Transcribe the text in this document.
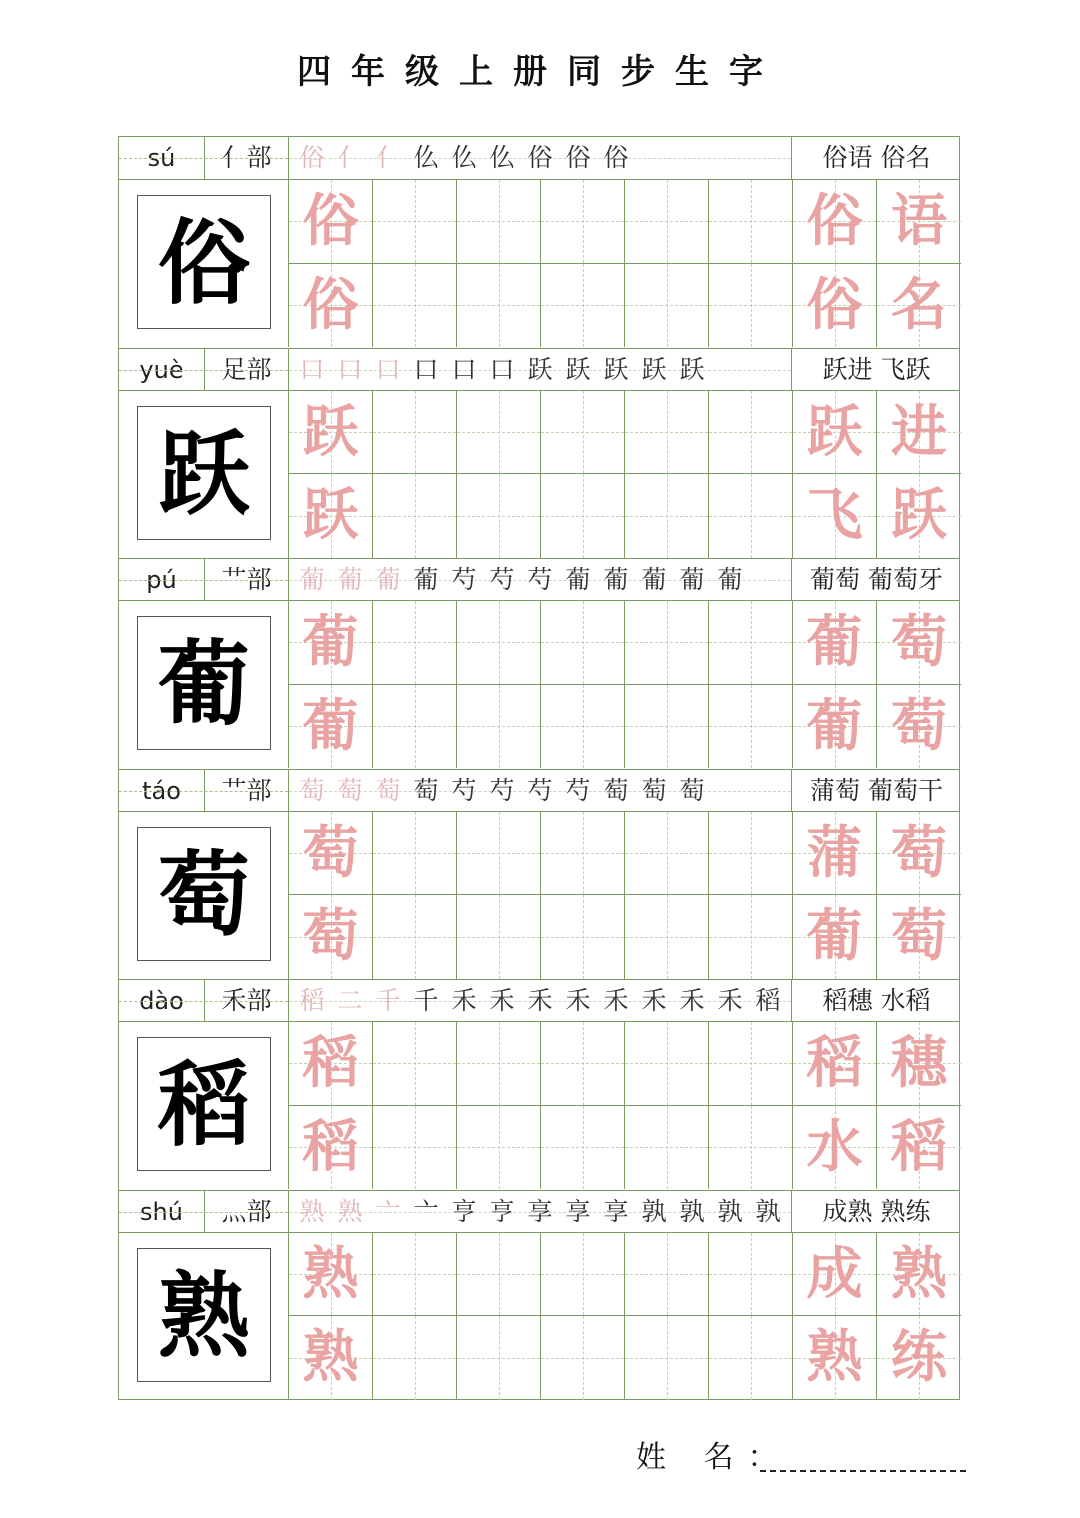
四年级上册同步生字
sú	亻部	俗 亻 亻 仫 仫 仫 俗 俗 俗	俗语 俗名
俗 俗	俗 语
俗	俗 名
yuè	足部	口 口 口 口 口 口 跃 跃 跃 跃 跃	跃进 飞跃
跃 跃	跃 进
跃	飞 跃
pú	艹部	葡 葡 葡 葡 芍 芍 芍 葡 葡 葡 葡 葡	葡萄 葡萄牙
葡 葡	葡 萄
葡	葡 萄
táo	艹部	萄 萄 萄 萄 芍 芍 芍 芍 萄 萄 萄	蒲萄 葡萄干
萄 萄	蒲 萄
萄	葡 萄
dào	禾部	稻 二 千 千 禾 禾 禾 禾 禾 禾 禾 禾 稻	稻穗 水稻
稻 稻	稻 穗
稻	水 稻
shú	灬部	熟 熟 亠 亠 亨 亨 享 享 享 孰 孰 孰 孰	成熟 熟练
熟 熟	成 熟
熟	熟 练
姓 名：
